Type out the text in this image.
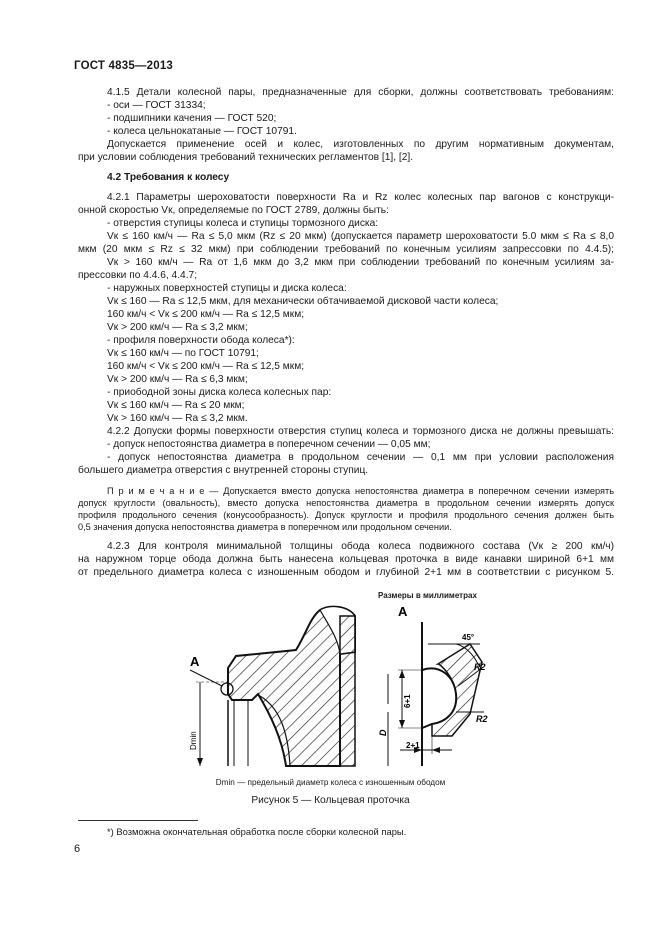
ГОСТ 4835—2013
4.1.5 Детали колесной пары, предназначенные для сборки, должны соответствовать требованиям:
- оси — ГОСТ 31334;
- подшипники качения — ГОСТ 520;
- колеса цельнокатаные — ГОСТ 10791.
Допускается применение осей и колес, изготовленных по другим нормативным документам,
при условии соблюдения требований технических регламентов [1], [2].
4.2 Требования к колесу
4.2.1 Параметры шероховатости поверхности Ra и Rz колес колесных пар вагонов с конструкци-
онной скоростью Vк, определяемые по ГОСТ 2789, должны быть:
- отверстия ступицы колеса и ступицы тормозного диска:
Vк ≤ 160 км/ч — Ra ≤ 5,0 мкм (Rz ≤ 20 мкм) (допускается параметр шероховатости 5.0 мкм ≤ Ra ≤ 8,0
мкм (20 мкм ≤ Rz ≤ 32 мкм) при соблюдении требований по конечным усилиям запрессовки по 4.4.5);
Vк > 160 км/ч — Ra от 1,6 мкм до 3,2 мкм при соблюдении требований по конечным усилиям за-
прессовки по 4.4.6, 4.4.7;
- наружных поверхностей ступицы и диска колеса:
Vк ≤ 160 — Ra ≤ 12,5 мкм, для механически обтачиваемой дисковой части колеса;
160 км/ч < Vк ≤ 200 км/ч — Ra ≤ 12,5 мкм;
Vк > 200 км/ч — Ra ≤ 3,2 мкм;
- профиля поверхности обода колеса*):
Vк ≤ 160 км/ч — по ГОСТ 10791;
160 км/ч < Vк ≤ 200 км/ч — Ra ≤ 12,5 мкм;
Vк > 200 км/ч — Ra ≤ 6,3 мкм;
- приободной зоны диска колеса колесных пар:
Vк ≤ 160 км/ч — Ra ≤ 20 мкм;
Vк > 160 км/ч — Ra ≤ 3,2 мкм.
4.2.2 Допуски формы поверхности отверстия ступиц колеса и тормозного диска не должны превышать:
- допуск непостоянства диаметра в поперечном сечении — 0,05 мм;
- допуск непостоянства диаметра в продольном сечении — 0,1 мм при условии расположения
большего диаметра отверстия с внутренней стороны ступиц.
П р и м е ч а н и е — Допускается вместо допуска непостоянства диаметра в поперечном сечении измерять
допуск круглости (овальность), вместо допуска непостоянства диаметра в продольном сечении измерять допуск
профиля продольного сечения (конусообразность). Допуск круглости и профиля продольного сечения должен быть
0,5 значения допуска непостоянства диаметра в поперечном или продольном сечении.
4.2.3 Для контроля минимальной толщины обода колеса подвижного состава (Vк ≥ 200 км/ч)
на наружном торце обода должна быть нанесена кольцевая проточка в виде канавки шириной 6+1 мм
от предельного диаметра колеса с изношенным ободом и глубиной 2+1 мм в соответствии с рисунком 5.
Размеры в миллиметрах
A
Dmin
A
45°
R2
R2
6+1
D
2+1
Dmin — предельный диаметр колеса с изношенным ободом
Рисунок 5 — Кольцевая проточка
*) Возможна окончательная обработка после сборки колесной пары.
6
